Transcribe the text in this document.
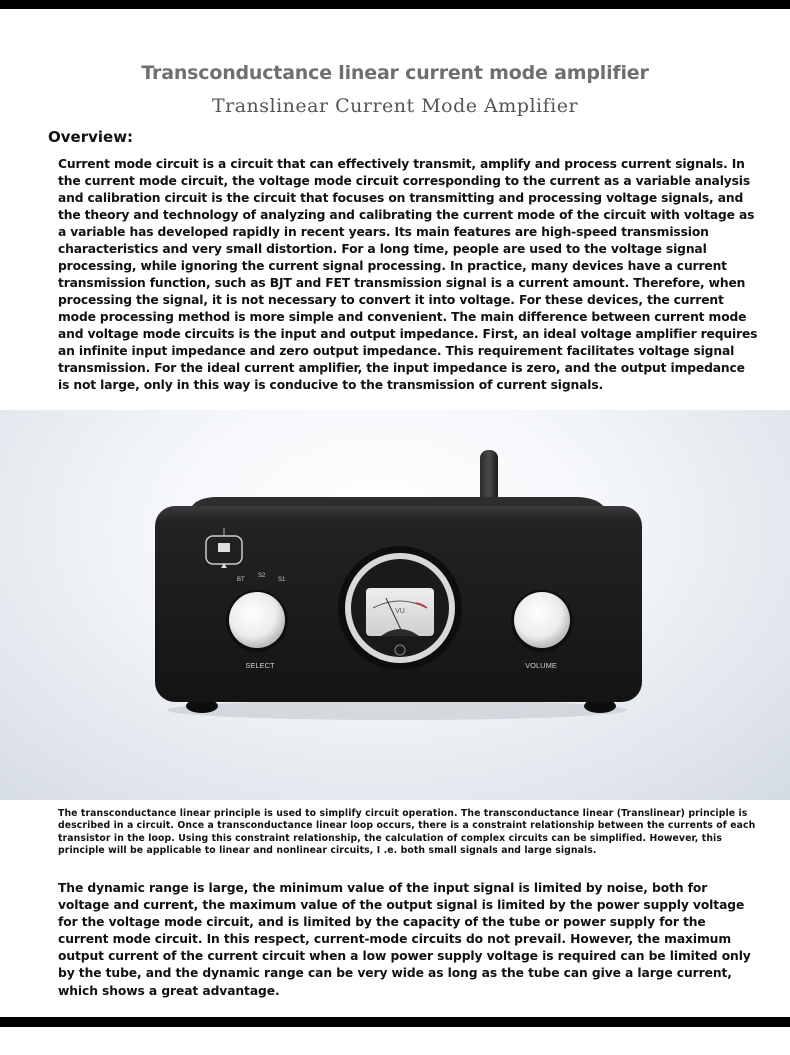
Transconductance linear current mode amplifier
Translinear Current Mode Amplifier
Overview:
Current mode circuit is a circuit that can effectively transmit, amplify and process current signals. In the current mode circuit, the voltage mode circuit corresponding to the current as a variable analysis and calibration circuit is the circuit that focuses on transmitting and processing voltage signals, and the theory and technology of analyzing and calibrating the current mode of the circuit with voltage as a variable has developed rapidly in recent years. Its main features are high-speed transmission characteristics and very small distortion. For a long time, people are used to the voltage signal processing, while ignoring the current signal processing. In practice, many devices have a current transmission function, such as BJT and FET transmission signal is a current amount. Therefore, when processing the signal, it is not necessary to convert it into voltage. For these devices, the current mode processing method is more simple and convenient. The main difference between current mode and voltage mode circuits is the input and output impedance. First, an ideal voltage amplifier requires an infinite input impedance and zero output impedance. This requirement facilitates voltage signal transmission. For the ideal current amplifier, the input impedance is zero, and the output impedance is not large, only in this way is conducive to the transmission of current signals.
BT
S2
S1
SELECT
VU
VOLUME
The transconductance linear principle is used to simplify circuit operation. The transconductance linear (Translinear) principle is described in a circuit. Once a transconductance linear loop occurs, there is a constraint relationship between the currents of each transistor in the loop. Using this constraint relationship, the calculation of complex circuits can be simplified. However, this principle will be applicable to linear and nonlinear circuits, I .e. both small signals and large signals.
The dynamic range is large, the minimum value of the input signal is limited by noise, both for voltage and current, the maximum value of the output signal is limited by the power supply voltage for the voltage mode circuit, and is limited by the capacity of the tube or power supply for the current mode circuit. In this respect, current-mode circuits do not prevail. However, the maximum output current of the current circuit when a low power supply voltage is required can be limited only by the tube, and the dynamic range can be very wide as long as the tube can give a large current, which shows a great advantage.
